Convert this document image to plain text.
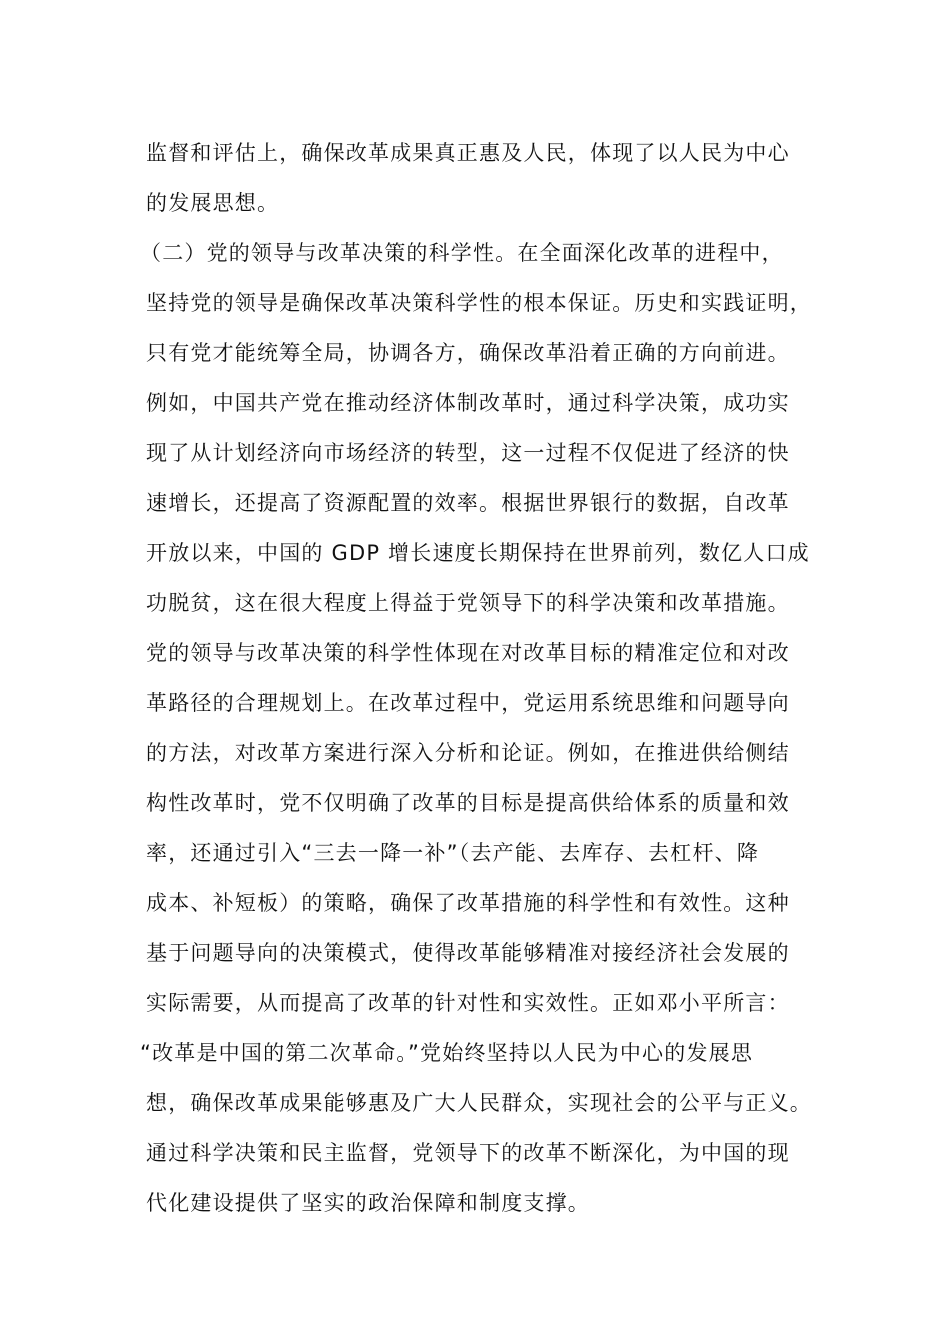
监督和评估上，确保改革成果真正惠及人民，体现了以人民为中心
的发展思想。
（二）党的领导与改革决策的科学性。在全面深化改革的进程中，
坚持党的领导是确保改革决策科学性的根本保证。历史和实践证明，
只有党才能统筹全局，协调各方，确保改革沿着正确的方向前进。
例如，中国共产党在推动经济体制改革时，通过科学决策，成功实
现了从计划经济向市场经济的转型，这一过程不仅促进了经济的快
速增长，还提高了资源配置的效率。根据世界银行的数据，自改革
开放以来，中国的 GDP 增长速度长期保持在世界前列，数亿人口成
功脱贫，这在很大程度上得益于党领导下的科学决策和改革措施。
党的领导与改革决策的科学性体现在对改革目标的精准定位和对改
革路径的合理规划上。在改革过程中，党运用系统思维和问题导向
的方法，对改革方案进行深入分析和论证。例如，在推进供给侧结
构性改革时，党不仅明确了改革的目标是提高供给体系的质量和效
率，还通过引入“三去一降一补”（去产能、去库存、去杠杆、降
成本、补短板）的策略，确保了改革措施的科学性和有效性。这种
基于问题导向的决策模式，使得改革能够精准对接经济社会发展的
实际需要，从而提高了改革的针对性和实效性。正如邓小平所言：
“改革是中国的第二次革命。”党始终坚持以人民为中心的发展思
想，确保改革成果能够惠及广大人民群众，实现社会的公平与正义。
通过科学决策和民主监督，党领导下的改革不断深化，为中国的现
代化建设提供了坚实的政治保障和制度支撑。
